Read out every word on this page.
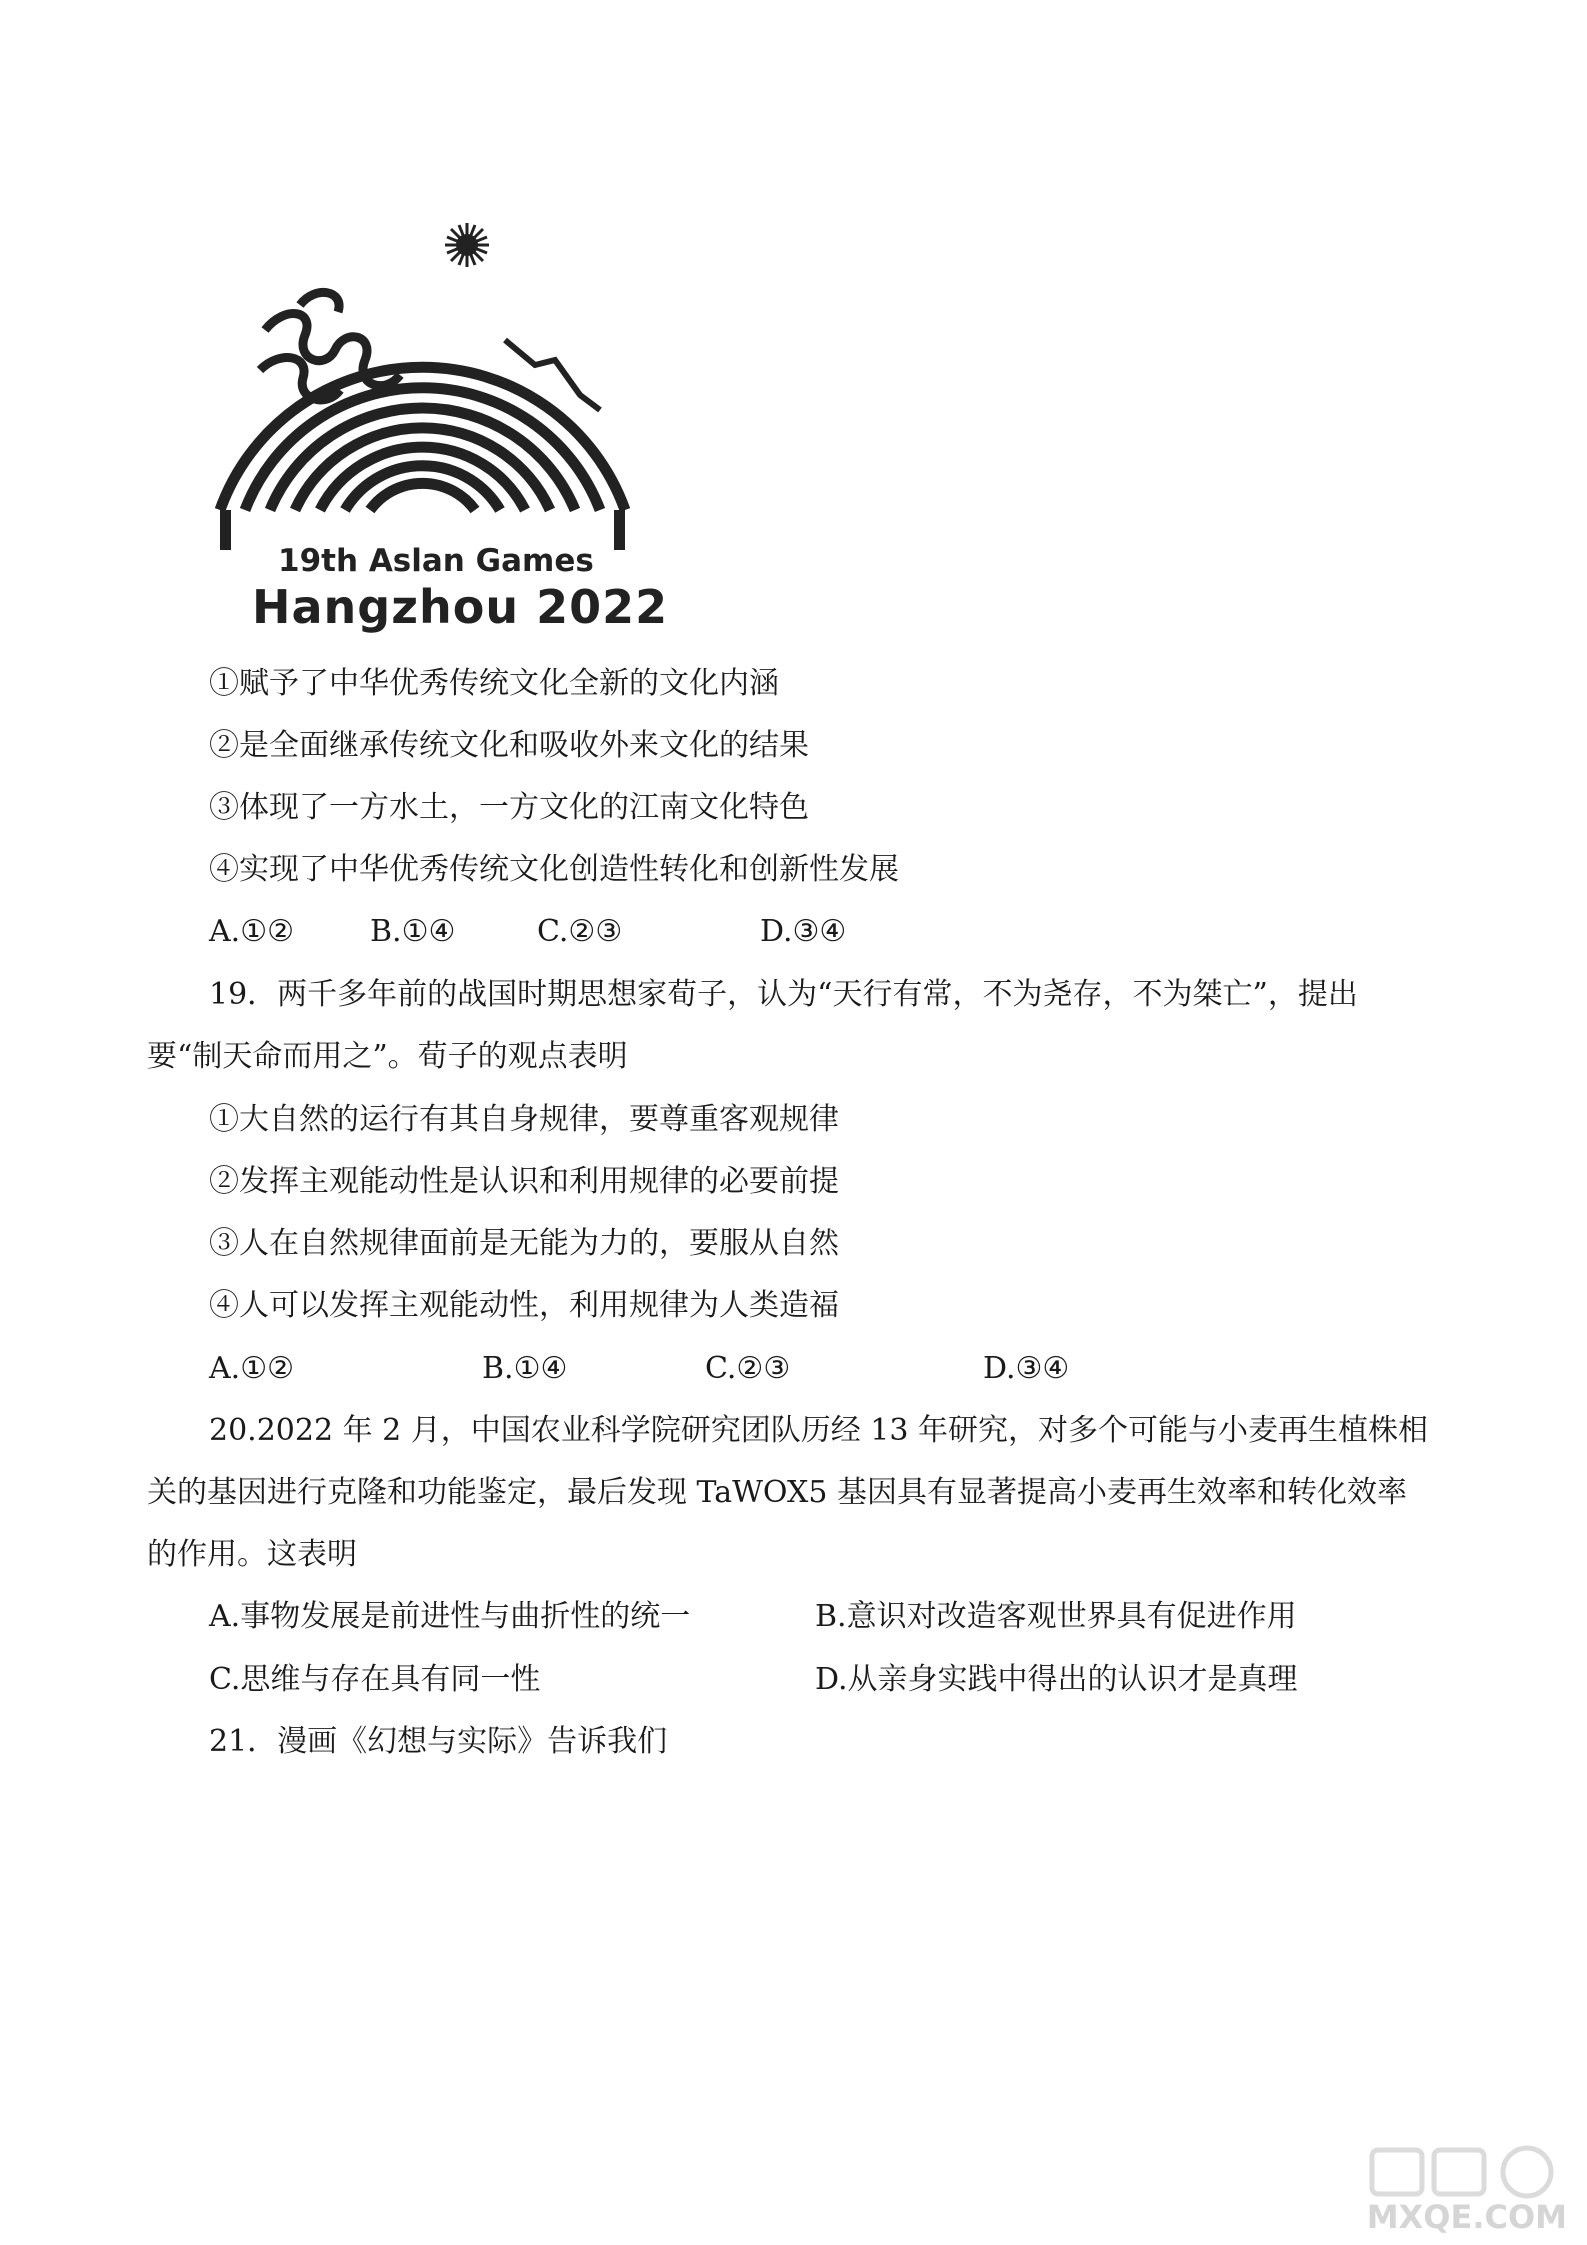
19th Aslan Games
Hangzhou 2022
①赋予了中华优秀传统文化全新的文化内涵
②是全面继承传统文化和吸收外来文化的结果
③体现了一方水土，一方文化的江南文化特色
④实现了中华优秀传统文化创造性转化和创新性发展
A.①②	B.①④	C.②③	D.③④
19．两千多年前的战国时期思想家荀子，认为“天行有常，不为尧存，不为桀亡”，提出
要“制天命而用之”。荀子的观点表明
①大自然的运行有其自身规律，要尊重客观规律
②发挥主观能动性是认识和利用规律的必要前提
③人在自然规律面前是无能为力的，要服从自然
④人可以发挥主观能动性，利用规律为人类造福
A.①②	B.①④	C.②③	D.③④
20.2022 年 2 月，中国农业科学院研究团队历经 13 年研究，对多个可能与小麦再生植株相
关的基因进行克隆和功能鉴定，最后发现 TaWOX5 基因具有显著提高小麦再生效率和转化效率
的作用。这表明
A.事物发展是前进性与曲折性的统一	B.意识对改造客观世界具有促进作用
C.思维与存在具有同一性	D.从亲身实践中得出的认识才是真理
21．漫画《幻想与实际》告诉我们
MXQE.COM
